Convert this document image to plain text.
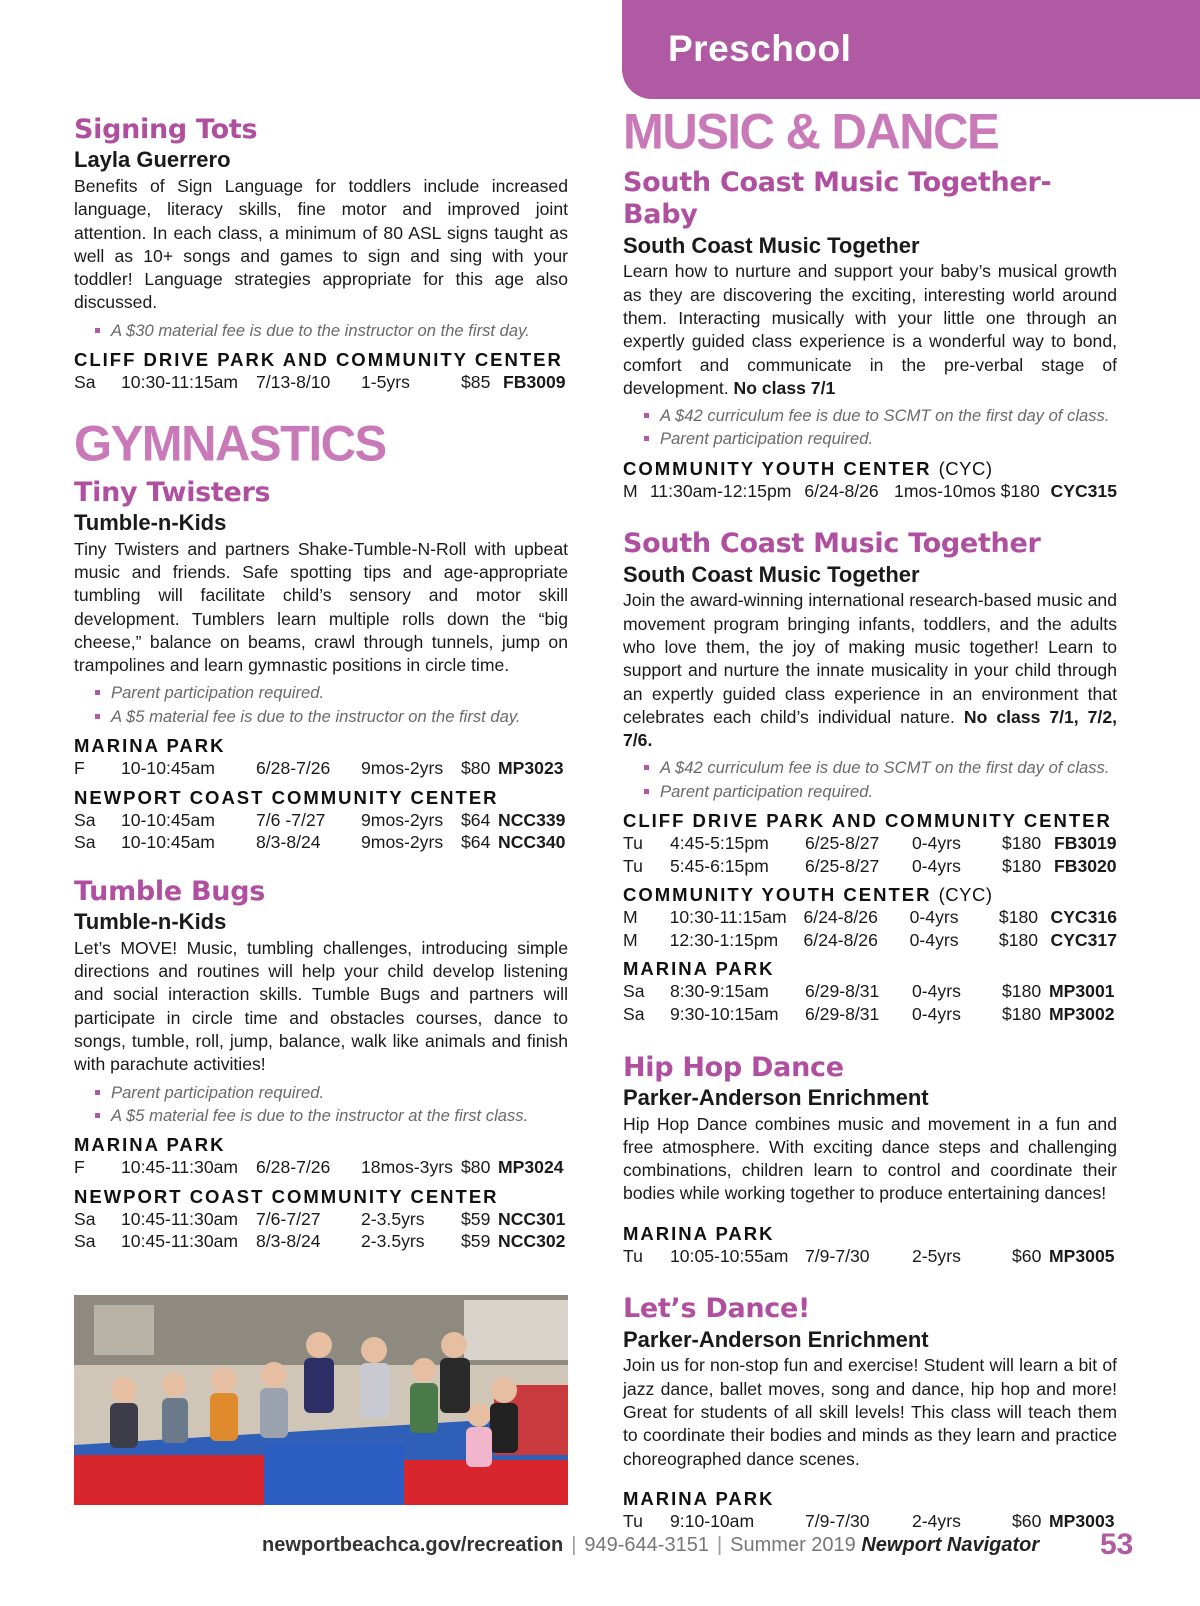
Preschool
Signing Tots
Layla Guerrero
Benefits of Sign Language for toddlers include increased language, literacy skills, fine motor and improved joint attention. In each class, a minimum of 80 ASL signs taught as well as 10+ songs and games to sign and sing with your toddler! Language strategies appropriate for this age also discussed.
A $30 material fee is due to the instructor on the first day.
CLIFF DRIVE PARK AND COMMUNITY CENTER
Sa	10:30-11:15am	7/13-8/10	1-5yrs	$85 FB3009
GYMNASTICS
Tiny Twisters
Tumble-n-Kids
Tiny Twisters and partners Shake-Tumble-N-Roll with upbeat music and friends. Safe spotting tips and age-appropriate tumbling will facilitate child’s sensory and motor skill development. Tumblers learn multiple rolls down the “big cheese,” balance on beams, crawl through tunnels, jump on trampolines and learn gymnastic positions in circle time.
Parent participation required.
A $5 material fee is due to the instructor on the first day.
MARINA PARK
F	10-10:45am	6/28-7/26	9mos-2yrs	$80 MP3023
NEWPORT COAST COMMUNITY CENTER
Sa	10-10:45am	7/6 -7/27	9mos-2yrs	$64 NCC339
Sa	10-10:45am	8/3-8/24	9mos-2yrs	$64 NCC340
Tumble Bugs
Tumble-n-Kids
Let’s MOVE! Music, tumbling challenges, introducing simple directions and routines will help your child develop listening and social interaction skills. Tumble Bugs and partners will participate in circle time and obstacles courses, dance to songs, tumble, roll, jump, balance, walk like animals and finish with parachute activities!
Parent participation required.
A $5 material fee is due to the instructor at the first class.
MARINA PARK
F	10:45-11:30am	6/28-7/26	18mos-3yrs $80 MP3024
NEWPORT COAST COMMUNITY CENTER
Sa	10:45-11:30am	7/6-7/27	2-3.5yrs	$59 NCC301
Sa	10:45-11:30am	8/3-8/24	2-3.5yrs	$59 NCC302
MUSIC & DANCE
South Coast Music Together- Baby
South Coast Music Together
Learn how to nurture and support your baby’s musical growth as they are discovering the exciting, interesting world around them. Interacting musically with your little one through an expertly guided class experience is a wonderful way to bond, comfort and communicate in the pre-verbal stage of development. No class 7/1
A $42 curriculum fee is due to SCMT on the first day of class.
Parent participation required.
COMMUNITY YOUTH CENTER (CYC)
M 11:30am-12:15pm 6/24-8/26 1mos-10mos $180 CYC315
South Coast Music Together
South Coast Music Together
Join the award-winning international research-based music and movement program bringing infants, toddlers, and the adults who love them, the joy of making music together! Learn to support and nurture the innate musicality in your child through an expertly guided class experience in an environment that celebrates each child’s individual nature. No class 7/1, 7/2, 7/6.
A $42 curriculum fee is due to SCMT on the first day of class.
Parent participation required.
CLIFF DRIVE PARK AND COMMUNITY CENTER
Tu	4:45-5:15pm	6/25-8/27	0-4yrs	$180 FB3019
Tu	5:45-6:15pm	6/25-8/27	0-4yrs	$180 FB3020
COMMUNITY YOUTH CENTER (CYC)
M	10:30-11:15am 6/24-8/26	0-4yrs	$180 CYC316
M	12:30-1:15pm	6/24-8/26	0-4yrs	$180 CYC317
MARINA PARK
Sa	8:30-9:15am	6/29-8/31	0-4yrs	$180 MP3001
Sa	9:30-10:15am	6/29-8/31	0-4yrs	$180 MP3002
Hip Hop Dance
Parker-Anderson Enrichment
Hip Hop Dance combines music and movement in a fun and free atmosphere. With exciting dance steps and challenging combinations, children learn to control and coordinate their bodies while working together to produce entertaining dances!
MARINA PARK
Tu	10:05-10:55am 7/9-7/30	2-5yrs	$60 MP3005
Let’s Dance!
Parker-Anderson Enrichment
Join us for non-stop fun and exercise! Student will learn a bit of jazz dance, ballet moves, song and dance, hip hop and more! Great for students of all skill levels! This class will teach them to coordinate their bodies and minds as they learn and practice choreographed dance scenes.
MARINA PARK
Tu	9:10-10am	7/9-7/30	2-4yrs	$60 MP3003
newportbeachca.gov/recreation | 949-644-3151 | Summer 2019 Newport Navigator	53
